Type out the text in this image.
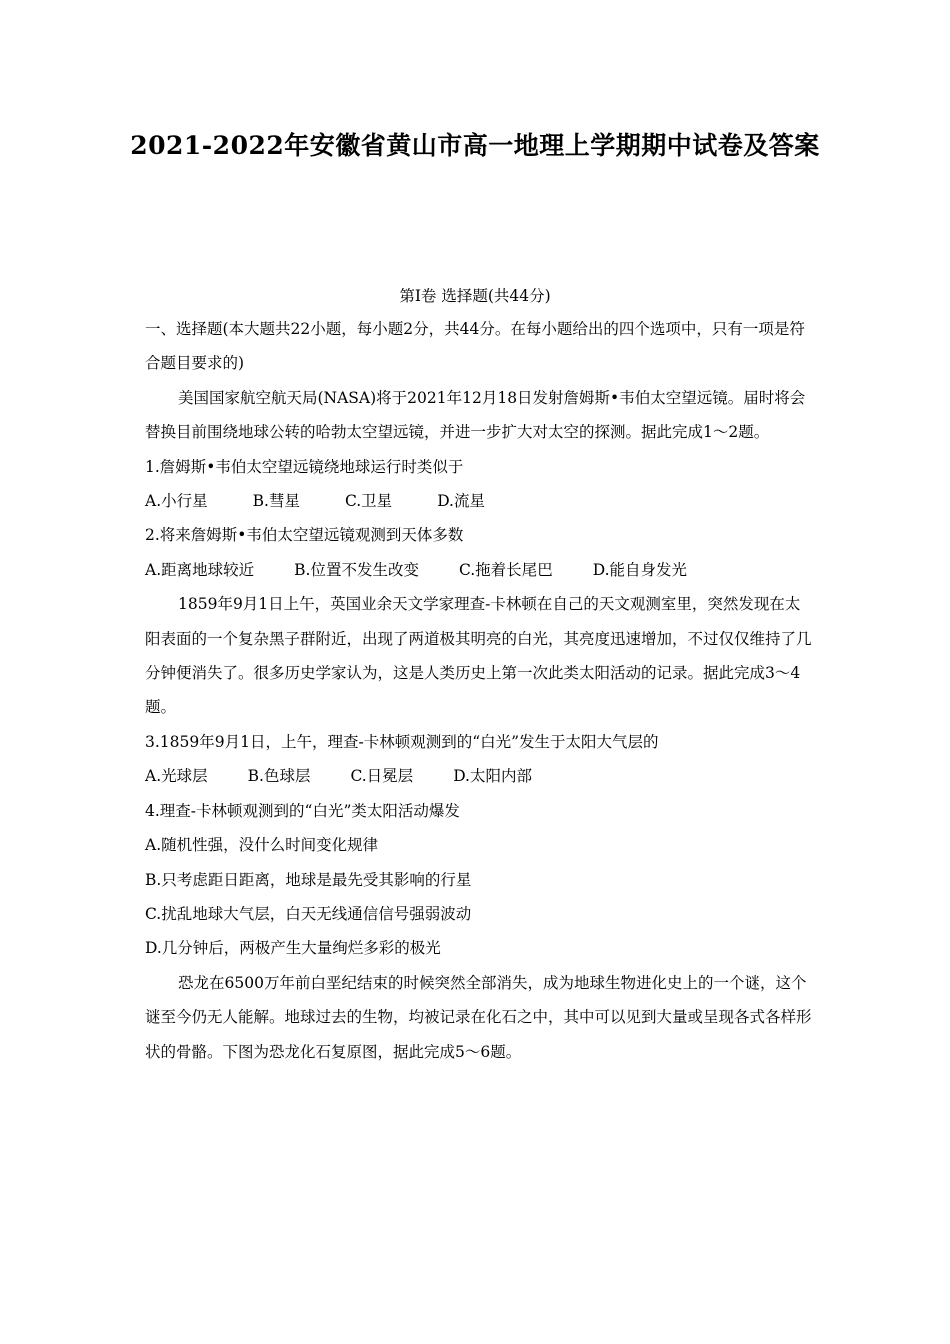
2021-2022年安徽省黄山市高一地理上学期期中试卷及答案
第Ⅰ卷 选择题(共44分)

一、选择题(本大题共22小题，每小题2分，共44分。在每小题给出的四个选项中，只有一项是符合题目要求的)

美国国家航空航天局(NASA)将于2021年12月18日发射詹姆斯•韦伯太空望远镜。届时将会替换目前围绕地球公转的哈勃太空望远镜，并进一步扩大对太空的探测。据此完成1～2题。

1.詹姆斯•韦伯太空望远镜绕地球运行时类似于

A.小行星	B.彗星	C.卫星	D.流星

2.将来詹姆斯•韦伯太空望远镜观测到天体多数

A.距离地球较近	B.位置不发生改变	C.拖着长尾巴	D.能自身发光

1859年9月1日上午，英国业余天文学家理查-卡林顿在自己的天文观测室里，突然发现在太阳表面的一个复杂黑子群附近，出现了两道极其明亮的白光，其亮度迅速增加，不过仅仅维持了几分钟便消失了。很多历史学家认为，这是人类历史上第一次此类太阳活动的记录。据此完成3～4题。

3.1859年9月1日，上午，理查-卡林顿观测到的“白光”发生于太阳大气层的

A.光球层	B.色球层	C.日冕层	D.太阳内部

4.理查-卡林顿观测到的“白光”类太阳活动爆发

A.随机性强，没什么时间变化规律

B.只考虑距日距离，地球是最先受其影响的行星

C.扰乱地球大气层，白天无线通信信号强弱波动

D.几分钟后，两极产生大量绚烂多彩的极光

恐龙在6500万年前白垩纪结束的时候突然全部消失，成为地球生物进化史上的一个谜，这个谜至今仍无人能解。地球过去的生物，均被记录在化石之中，其中可以见到大量或呈现各式各样形状的骨骼。下图为恐龙化石复原图，据此完成5～6题。
